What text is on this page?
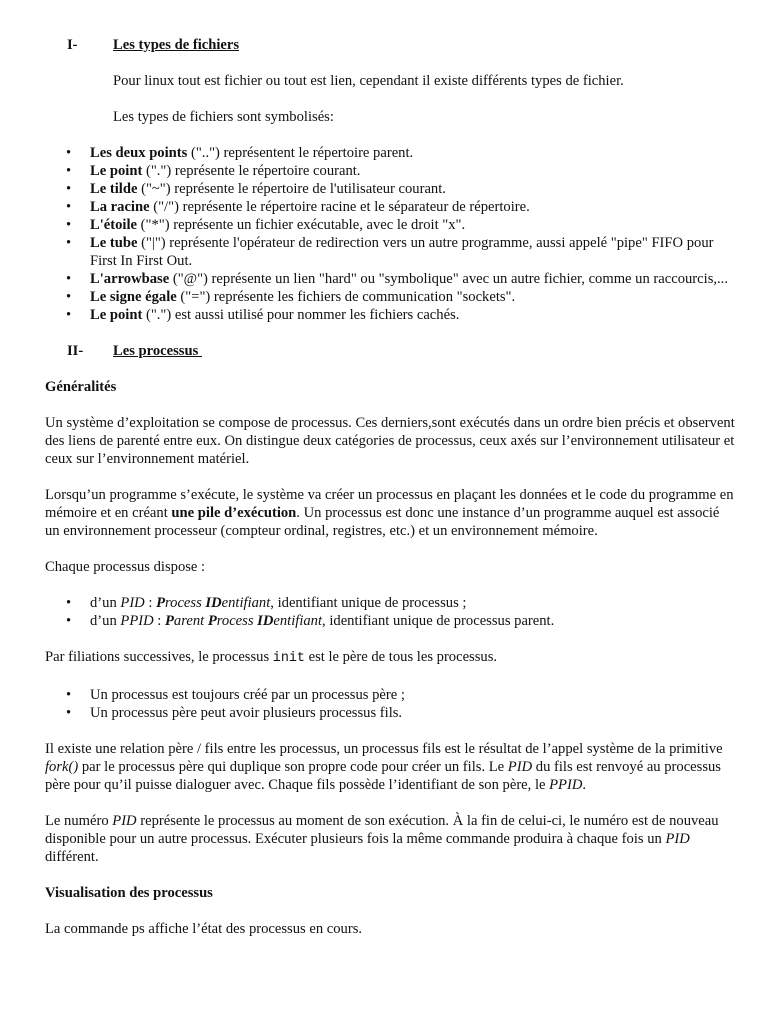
I- Les types de fichiers
Pour linux tout est fichier ou tout est lien, cependant il existe différents types de fichier.
Les types de fichiers sont symbolisés:
• Les deux points ("..") représentent le répertoire parent.
• Le point (".") représente le répertoire courant.
• Le tilde ("~") représente le répertoire de l'utilisateur courant.
• La racine ("/") représente le répertoire racine et le séparateur de répertoire.
• L'étoile ("*") représente un fichier exécutable, avec le droit "x".
• Le tube ("|") représente l'opérateur de redirection vers un autre programme, aussi appelé "pipe" FIFO pour First In First Out.
• L'arrowbase ("@") représente un lien "hard" ou "symbolique" avec un autre fichier, comme un raccourcis,...
• Le signe égale ("=") représente les fichiers de communication "sockets".
• Le point (".") est aussi utilisé pour nommer les fichiers cachés.
II- Les processus
Généralités

Un système d’exploitation se compose de processus. Ces derniers,sont exécutés dans un ordre bien précis et observent des liens de parenté entre eux. On distingue deux catégories de processus, ceux axés sur l’environnement utilisateur et ceux sur l’environnement matériel.

Lorsqu’un programme s’exécute, le système va créer un processus en plaçant les données et le code du programme en mémoire et en créant une pile d’exécution. Un processus est donc une instance d’un programme auquel est associé un environnement processeur (compteur ordinal, registres, etc.) et un environnement mémoire.

Chaque processus dispose :

• d’un PID : Process IDentifiant, identifiant unique de processus ;
• d’un PPID : Parent Process IDentifiant, identifiant unique de processus parent.

Par filiations successives, le processus init est le père de tous les processus.

• Un processus est toujours créé par un processus père ;
• Un processus père peut avoir plusieurs processus fils.

Il existe une relation père / fils entre les processus, un processus fils est le résultat de l’appel système de la primitive fork() par le processus père qui duplique son propre code pour créer un fils. Le PID du fils est renvoyé au processus père pour qu’il puisse dialoguer avec. Chaque fils possède l’identifiant de son père, le PPID.

Le numéro PID représente le processus au moment de son exécution. À la fin de celui-ci, le numéro est de nouveau disponible pour un autre processus. Exécuter plusieurs fois la même commande produira à chaque fois un PID différent.

Visualisation des processus

La commande ps affiche l’état des processus en cours.
